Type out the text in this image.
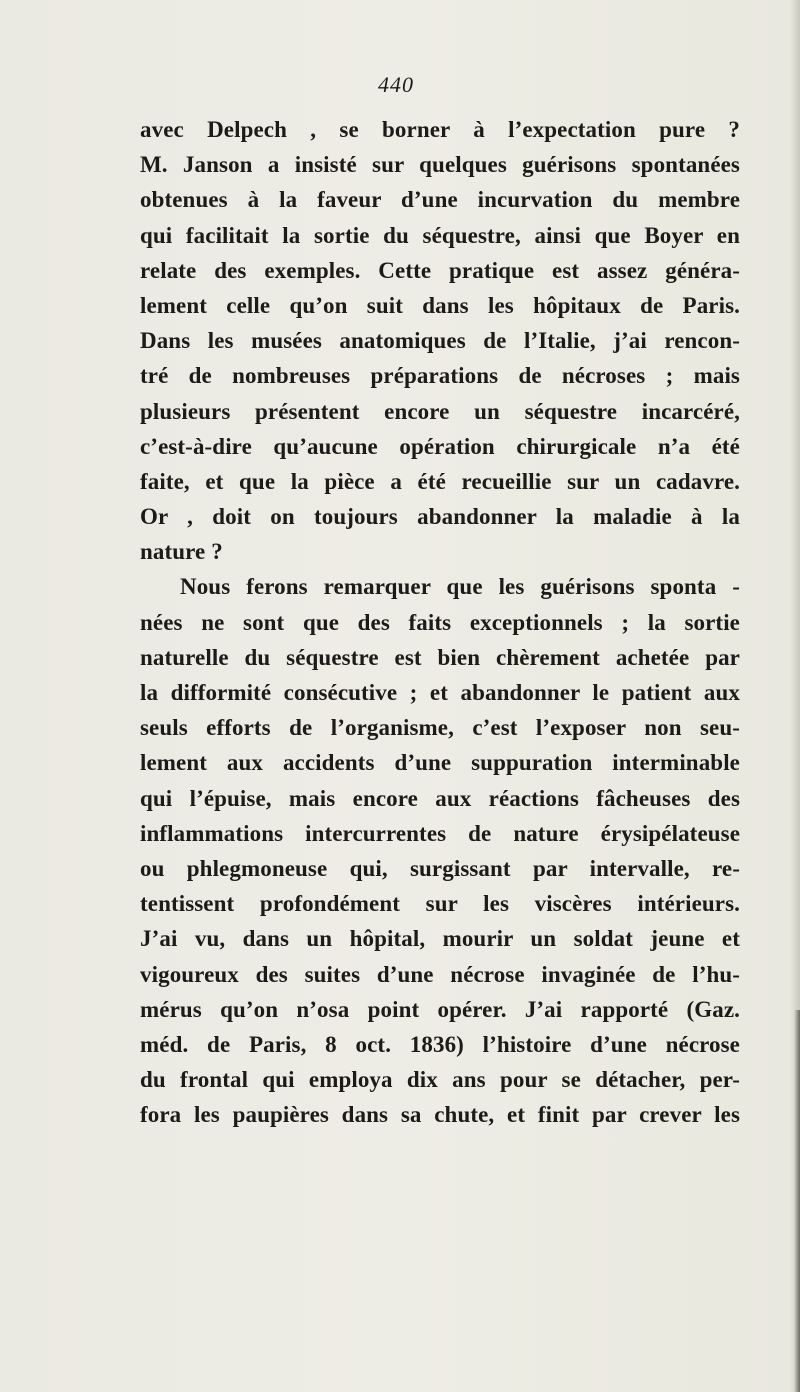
440
avec Delpech , se borner à l’expectation pure ?
M. Janson a insisté sur quelques guérisons spontanées
obtenues à la faveur d’une incurvation du membre
qui facilitait la sortie du séquestre, ainsi que Boyer en
relate des exemples. Cette pratique est assez généra-
lement celle qu’on suit dans les hôpitaux de Paris.
Dans les musées anatomiques de l’Italie, j’ai rencon-
tré de nombreuses préparations de nécroses ; mais
plusieurs présentent encore un séquestre incarcéré,
c’est-à-dire qu’aucune opération chirurgicale n’a été
faite, et que la pièce a été recueillie sur un cadavre.
Or , doit on toujours abandonner la maladie à la
nature ?
Nous ferons remarquer que les guérisons sponta -
nées ne sont que des faits exceptionnels ; la sortie
naturelle du séquestre est bien chèrement achetée par
la difformité consécutive ; et abandonner le patient aux
seuls efforts de l’organisme, c’est l’exposer non seu-
lement aux accidents d’une suppuration interminable
qui l’épuise, mais encore aux réactions fâcheuses des
inflammations intercurrentes de nature érysipélateuse
ou phlegmoneuse qui, surgissant par intervalle, re-
tentissent profondément sur les viscères intérieurs.
J’ai vu, dans un hôpital, mourir un soldat jeune et
vigoureux des suites d’une nécrose invaginée de l’hu-
mérus qu’on n’osa point opérer. J’ai rapporté (Gaz.
méd. de Paris, 8 oct. 1836) l’histoire d’une nécrose
du frontal qui employa dix ans pour se détacher, per-
fora les paupières dans sa chute, et finit par crever les
